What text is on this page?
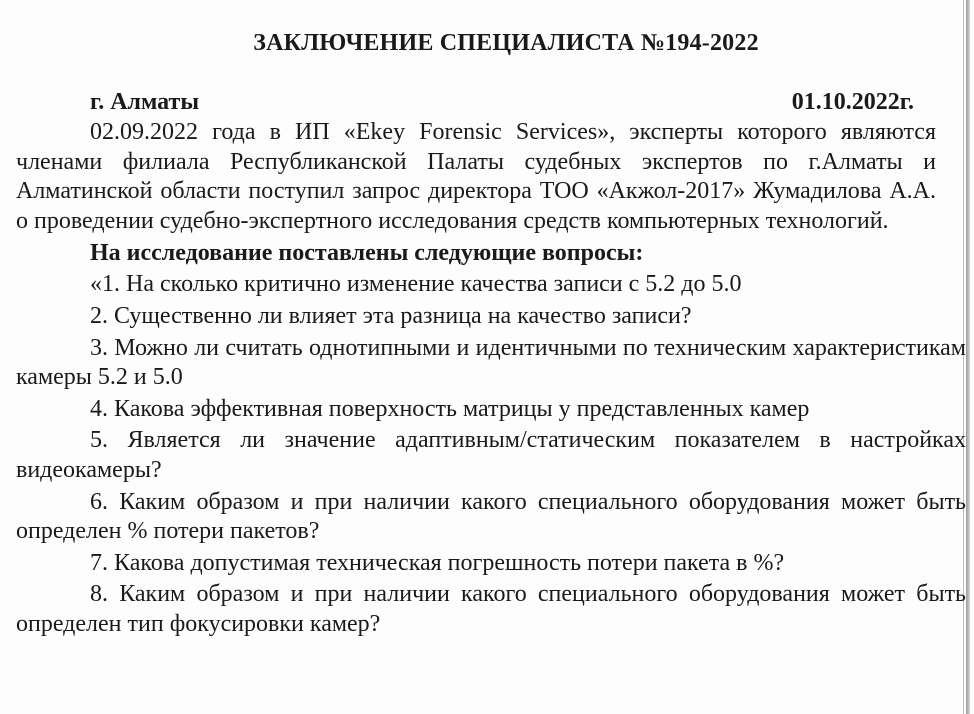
ЗАКЛЮЧЕНИЕ СПЕЦИАЛИСТА №194-2022
г. Алматы	01.10.2022г.

02.09.2022 года в ИП «Ekey Forensic Services», эксперты которого являются членами филиала Республиканской Палаты судебных экспертов по г.Алматы и Алматинской области поступил запрос директора ТОО «Акжол-2017» Жумадилова А.А. о проведении судебно-экспертного исследования средств компьютерных технологий.

На исследование поставлены следующие вопросы:

«1. На сколько критично изменение качества записи с 5.2 до 5.0

2. Существенно ли влияет эта разница на качество записи?

3. Можно ли считать однотипными и идентичными по техническим характеристикам камеры 5.2 и 5.0

4. Какова эффективная поверхность матрицы у представленных камер

5. Является ли значение адаптивным/статическим показателем в настройках видеокамеры?

6. Каким образом и при наличии какого специального оборудования может быть определен % потери пакетов?

7. Какова допустимая техническая погрешность потери пакета в %?

8. Каким образом и при наличии какого специального оборудования может быть определен тип фокусировки камер?
